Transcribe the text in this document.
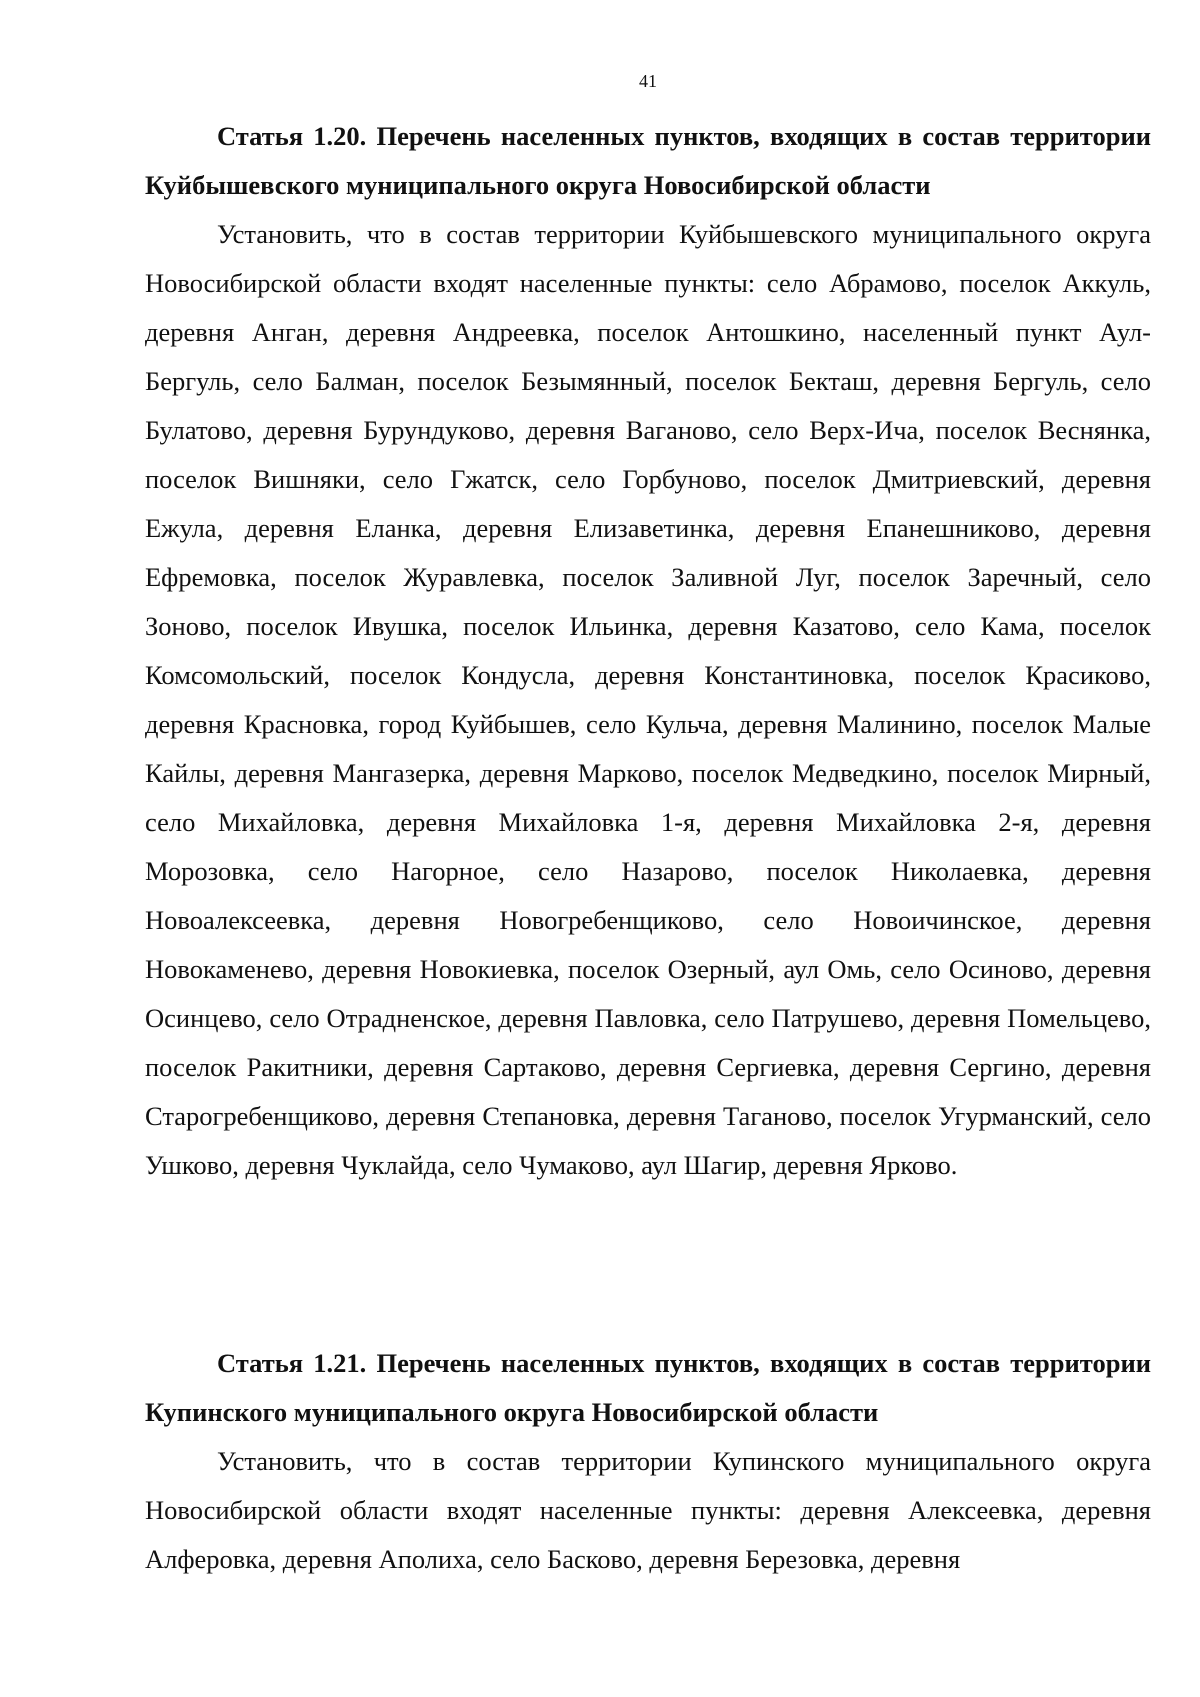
41
Статья 1.20. Перечень населенных пунктов, входящих в состав территории Куйбышевского муниципального округа Новосибирской области

Установить, что в состав территории Куйбышевского муниципального округа Новосибирской области входят населенные пункты: село Абрамово, поселок Аккуль, деревня Анган, деревня Андреевка, поселок Антошкино, населенный пункт Аул-Бергуль, село Балман, поселок Безымянный, поселок Бекташ, деревня Бергуль, село Булатово, деревня Бурундуково, деревня Ваганово, село Верх-Ича, поселок Веснянка, поселок Вишняки, село Гжатск, село Горбуново, поселок Дмитриевский, деревня Ежула, деревня Еланка, деревня Елизаветинка, деревня Епанешниково, деревня Ефремовка, поселок Журавлевка, поселок Заливной Луг, поселок Заречный, село Зоново, поселок Ивушка, поселок Ильинка, деревня Казатово, село Кама, поселок Комсомольский, поселок Кондусла, деревня Константиновка, поселок Красиково, деревня Красновка, город Куйбышев, село Кульча, деревня Малинино, поселок Малые Кайлы, деревня Мангазерка, деревня Марково, поселок Медведкино, поселок Мирный, село Михайловка, деревня Михайловка 1-я, деревня Михайловка 2-я, деревня Морозовка, село Нагорное, село Назарово, поселок Николаевка, деревня Новоалексеевка, деревня Новогребенщиково, село Новоичинское, деревня Новокаменево, деревня Новокиевка, поселок Озерный, аул Омь, село Осиново, деревня Осинцево, село Отрадненское, деревня Павловка, село Патрушево, деревня Помельцево, поселок Ракитники, деревня Сартаково, деревня Сергиевка, деревня Сергино, деревня Старогребенщиково, деревня Степановка, деревня Таганово, поселок Угурманский, село Ушково, деревня Чуклайда, село Чумаково, аул Шагир, деревня Ярково.

Статья 1.21. Перечень населенных пунктов, входящих в состав территории Купинского муниципального округа Новосибирской области

Установить, что в состав территории Купинского муниципального округа Новосибирской области входят населенные пункты: деревня Алексеевка, деревня Алферовка, деревня Аполиха, село Басково, деревня Березовка, деревня
